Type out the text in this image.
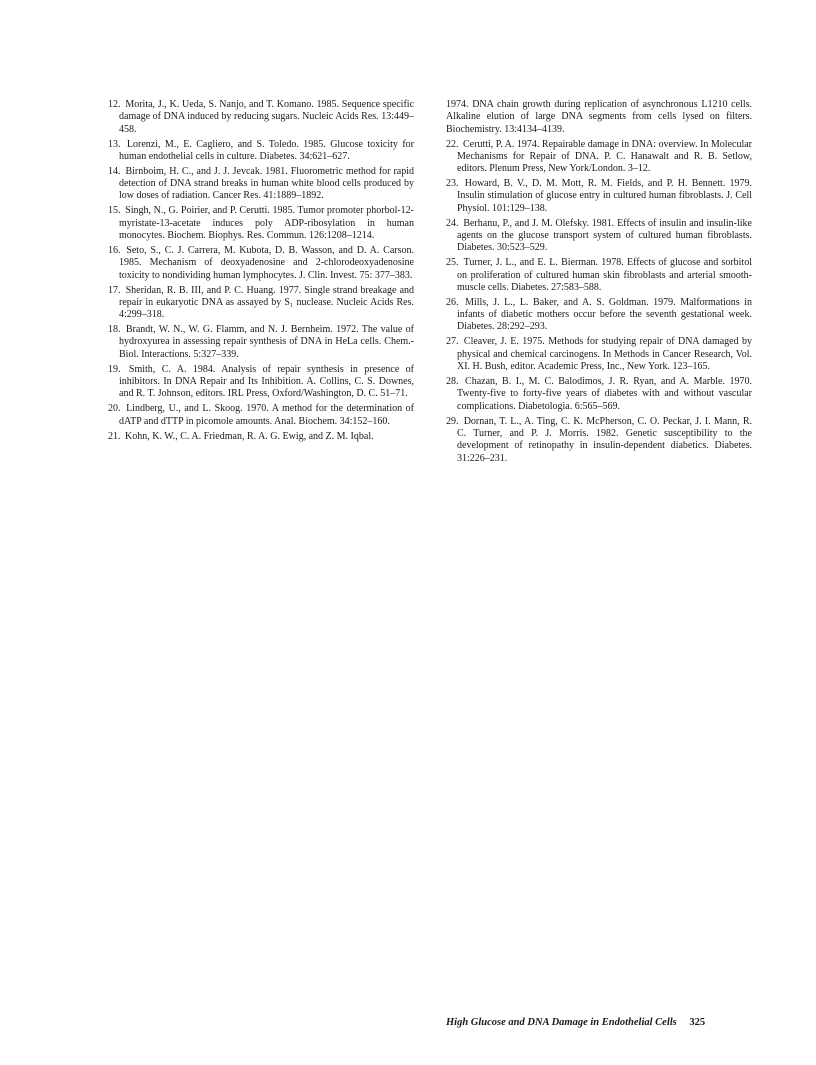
12. Morita, J., K. Ueda, S. Nanjo, and T. Komano. 1985. Sequence specific damage of DNA induced by reducing sugars. Nucleic Acids Res. 13:449–458.

13. Lorenzi, M., E. Cagliero, and S. Toledo. 1985. Glucose toxicity for human endothelial cells in culture. Diabetes. 34:621–627.

14. Birnboim, H. C., and J. J. Jevcak. 1981. Fluorometric method for rapid detection of DNA strand breaks in human white blood cells produced by low doses of radiation. Cancer Res. 41:1889–1892.

15. Singh, N., G. Poirier, and P. Cerutti. 1985. Tumor promoter phorbol-12-myristate-13-acetate induces poly ADP-ribosylation in human monocytes. Biochem. Biophys. Res. Commun. 126:1208–1214.

16. Seto, S., C. J. Carrera, M. Kubota, D. B. Wasson, and D. A. Carson. 1985. Mechanism of deoxyadenosine and 2-chlorodeoxyadenosine toxicity to nondividing human lymphocytes. J. Clin. Invest. 75: 377–383.

17. Sheridan, R. B. III, and P. C. Huang. 1977. Single strand breakage and repair in eukaryotic DNA as assayed by S₁ nuclease. Nucleic Acids Res. 4:299–318.

18. Brandt, W. N., W. G. Flamm, and N. J. Bernheim. 1972. The value of hydroxyurea in assessing repair synthesis of DNA in HeLa cells. Chem.-Biol. Interactions. 5:327–339.

19. Smith, C. A. 1984. Analysis of repair synthesis in presence of inhibitors. In DNA Repair and Its Inhibition. A. Collins, C. S. Downes, and R. T. Johnson, editors. IRL Press, Oxford/Washington, D. C. 51–71.

20. Lindberg, U., and L. Skoog. 1970. A method for the determination of dATP and dTTP in picomole amounts. Anal. Biochem. 34:152–160.

21. Kohn, K. W., C. A. Friedman, R. A. G. Ewig, and Z. M. Iqbal.

1974. DNA chain growth during replication of asynchronous L1210 cells. Alkaline elution of large DNA segments from cells lysed on filters. Biochemistry. 13:4134–4139.

22. Cerutti, P. A. 1974. Repairable damage in DNA: overview. In Molecular Mechanisms for Repair of DNA. P. C. Hanawalt and R. B. Setlow, editors. Plenum Press, New York/London. 3–12.

23. Howard, B. V., D. M. Mott, R. M. Fields, and P. H. Bennett. 1979. Insulin stimulation of glucose entry in cultured human fibroblasts. J. Cell Physiol. 101:129–138.

24. Berhanu, P., and J. M. Olefsky. 1981. Effects of insulin and insulin-like agents on the glucose transport system of cultured human fibroblasts. Diabetes. 30:523–529.

25. Turner, J. L., and E. L. Bierman. 1978. Effects of glucose and sorbitol on proliferation of cultured human skin fibroblasts and arterial smooth-muscle cells. Diabetes. 27:583–588.

26. Mills, J. L., L. Baker, and A. S. Goldman. 1979. Malformations in infants of diabetic mothers occur before the seventh gestational week. Diabetes. 28:292–293.

27. Cleaver, J. E. 1975. Methods for studying repair of DNA damaged by physical and chemical carcinogens. In Methods in Cancer Research, Vol. XI. H. Bush, editor. Academic Press, Inc., New York. 123–165.

28. Chazan, B. I., M. C. Balodimos, J. R. Ryan, and A. Marble. 1970. Twenty-five to forty-five years of diabetes with and without vascular complications. Diabetologia. 6:565–569.

29. Dornan, T. L., A. Ting, C. K. McPherson, C. O. Peckar, J. I. Mann, R. C. Turner, and P. J. Morris. 1982. Genetic susceptibility to the development of retinopathy in insulin-dependent diabetics. Diabetes. 31:226–231.

High Glucose and DNA Damage in Endothelial Cells 325
